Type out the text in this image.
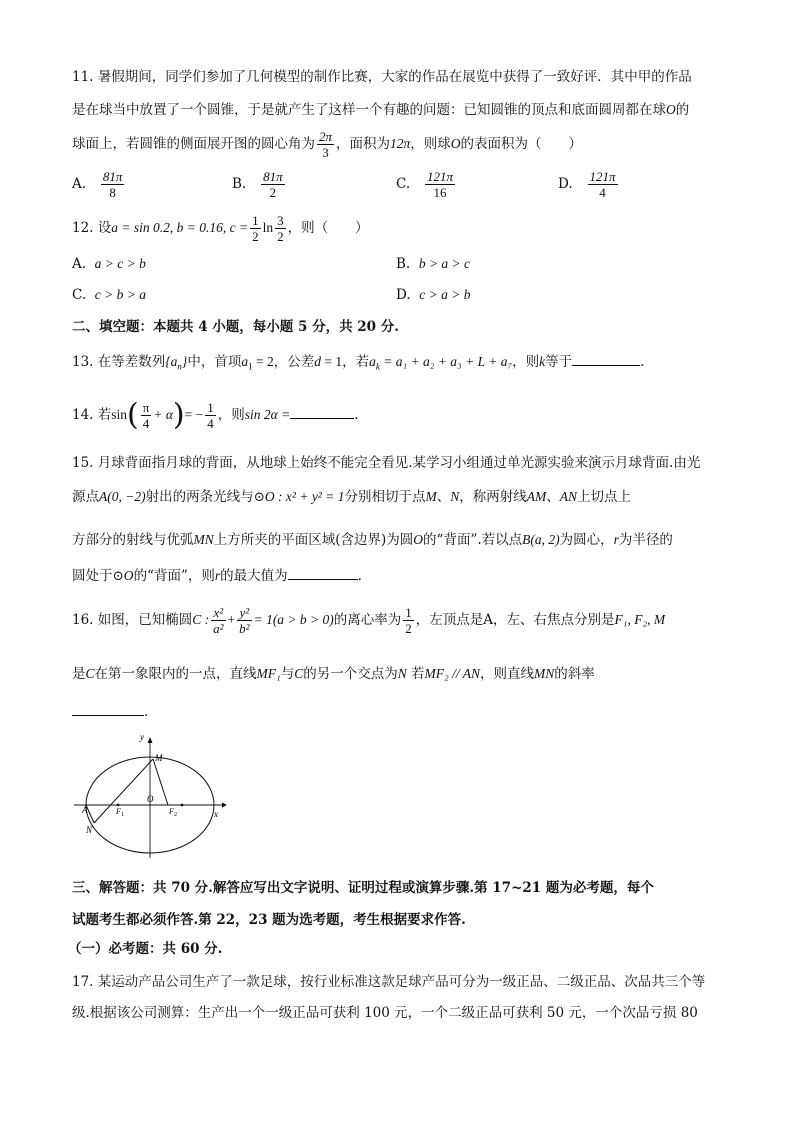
11. 暑假期间，同学们参加了几何模型的制作比赛，大家的作品在展览中获得了一致好评．其中甲的作品
是在球当中放置了一个圆锥，于是就产生了这样一个有趣的问题：已知圆锥的顶点和底面圆周都在球O的
球面上，若圆锥的侧面展开图的圆心角为 $\frac{2\pi}{3}$ ，面积为12π，则球O的表面积为（　　）
A. $\frac{81\pi}{8}$	B. $\frac{81\pi}{2}$	C. $\frac{121\pi}{16}$	D. $\frac{121\pi}{4}$
12. 设a = sin 0.2, b = 0.16, $c = \frac{1}{2}$ $\ln \frac{3}{2}$ ，则（　　）
A. a > c > b	B. b > a > c
C. c > b > a	D. c > a > b
二、填空题：本题共 4 小题，每小题 5 分，共 20 分.
13. 在等差数列$\{a_n\}$中，首项$a_1 = 2$，公差d = 1，若$a_k = a_1 + a_2 + a_3 + L + a_7$，则k等于	.
14. 若$\sin( \frac{\pi}{4} + \alpha)= - \frac{1}{4}$ ，则sin 2α =	.
15. 月球背面指月球的背面，从地球上始终不能完全看见.某学习小组通过单光源实验来演示月球背面.由光
源点A(0, −2)射出的两条光线与⊙O : x² + y² = 1分别相切于点M、N，称两射线AM、AN上切点上
方部分的射线与优弧MN上方所夹的平面区域(含边界)为圆O的“背面”.若以点B(a, 2)为圆心，r为半径的
圆处于⊙O的“背面”，则r的最大值为	.
16. 如图，已知椭圆C : $\frac{\text{x²}}{\text{a²}} + \frac{\text{y²}}{\text{b²}} = 1(a > b > 0)$的离心率为 $\frac{1}{2}$ ，左顶点是A，左、右焦点分别是F₁, F₂, M
是C在第一象限内的一点，直线MF₁与C的另一个交点为N 若MF₂ // AN，则直线MN的斜率
.
y
x
M
O
A	F 1	F 2
N
三、解答题：共 70 分.解答应写出文字说明、证明过程或演算步骤.第 17~21 题为必考题，每个
试题考生都必须作答.第 22，23 题为选考题，考生根据要求作答.
（一）必考题：共 60 分.
17. 某运动产品公司生产了一款足球，按行业标准这款足球产品可分为一级正品、二级正品、次品共三个等
级.根据该公司测算：生产出一个一级正品可获利 100 元，一个二级正品可获利 50 元，一个次品亏损 80
